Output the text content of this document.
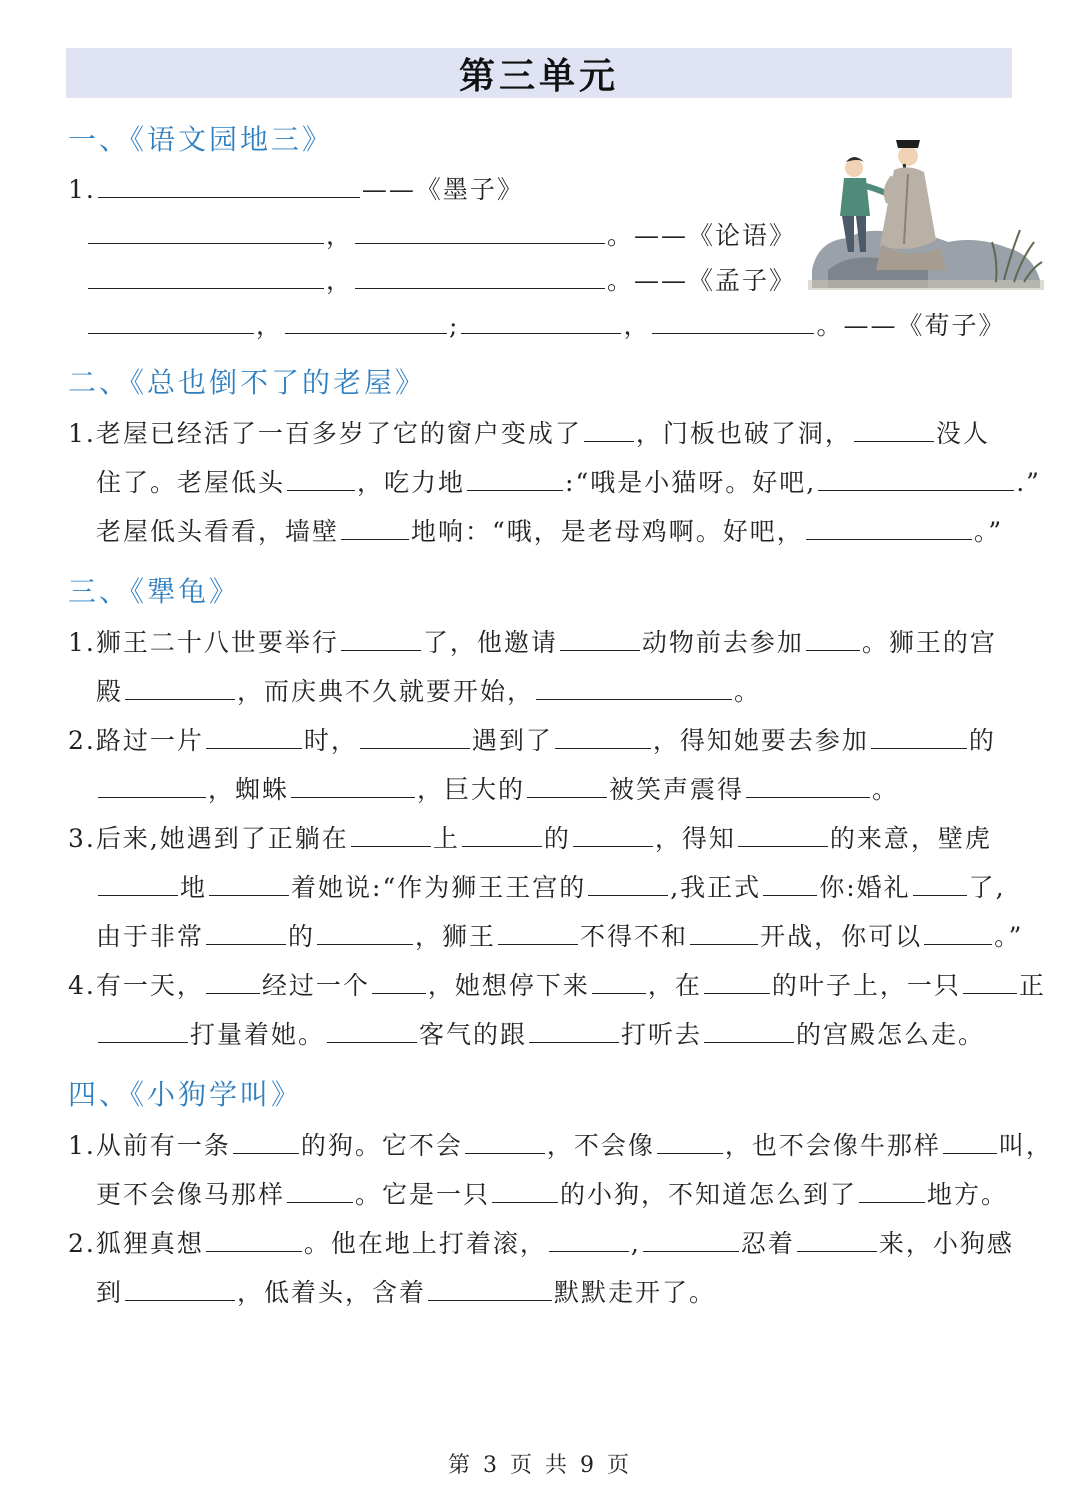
第三单元
一、《语文园地三》
1.	——《墨子》
，	。——《论语》
，	。——《孟子》
，	;	，	。——《荀子》
二、《总也倒不了的老屋》
1.老屋已经活了一百多岁了它的窗户变成了 ，门板也破了洞，	没人
住了。老屋低头	，吃力地	:“哦是小猫呀。好吧,	.”
老屋低头看看，墙壁	地响：“哦，是老母鸡啊。好吧，	。”
三、《犟龟》
1.狮王二十八世要举行	了，他邀请	动物前去参加 。狮王的宫
殿	，而庆典不久就要开始，	。
2.路过一片	时，	遇到了	，得知她要去参加	的
，蜘蛛	，巨大的	被笑声震得	。
3.后来,她遇到了正躺在	上	的	，得知	的来意，壁虎
地	着她说:“作为狮王王宫的	,我正式 你:婚礼 了,
由于非常	的	，狮王	不得不和	开战，你可以	。”
4.有一天， 经过一个 ，她想停下来 ，在	的叶子上，一只 正
打量着她。	客气的跟	打听去	的宫殿怎么走。
四、《小狗学叫》
1.从前有一条	的狗。它不会	，不会像	，也不会像牛那样 叫，
更不会像马那样	。它是一只	的小狗，不知道怎么到了	地方。
2.狐狸真想	。他在地上打着滚，	,	忍着	来，小狗感
到	，低着头，含着	默默走开了。
第 3 页 共 9 页
